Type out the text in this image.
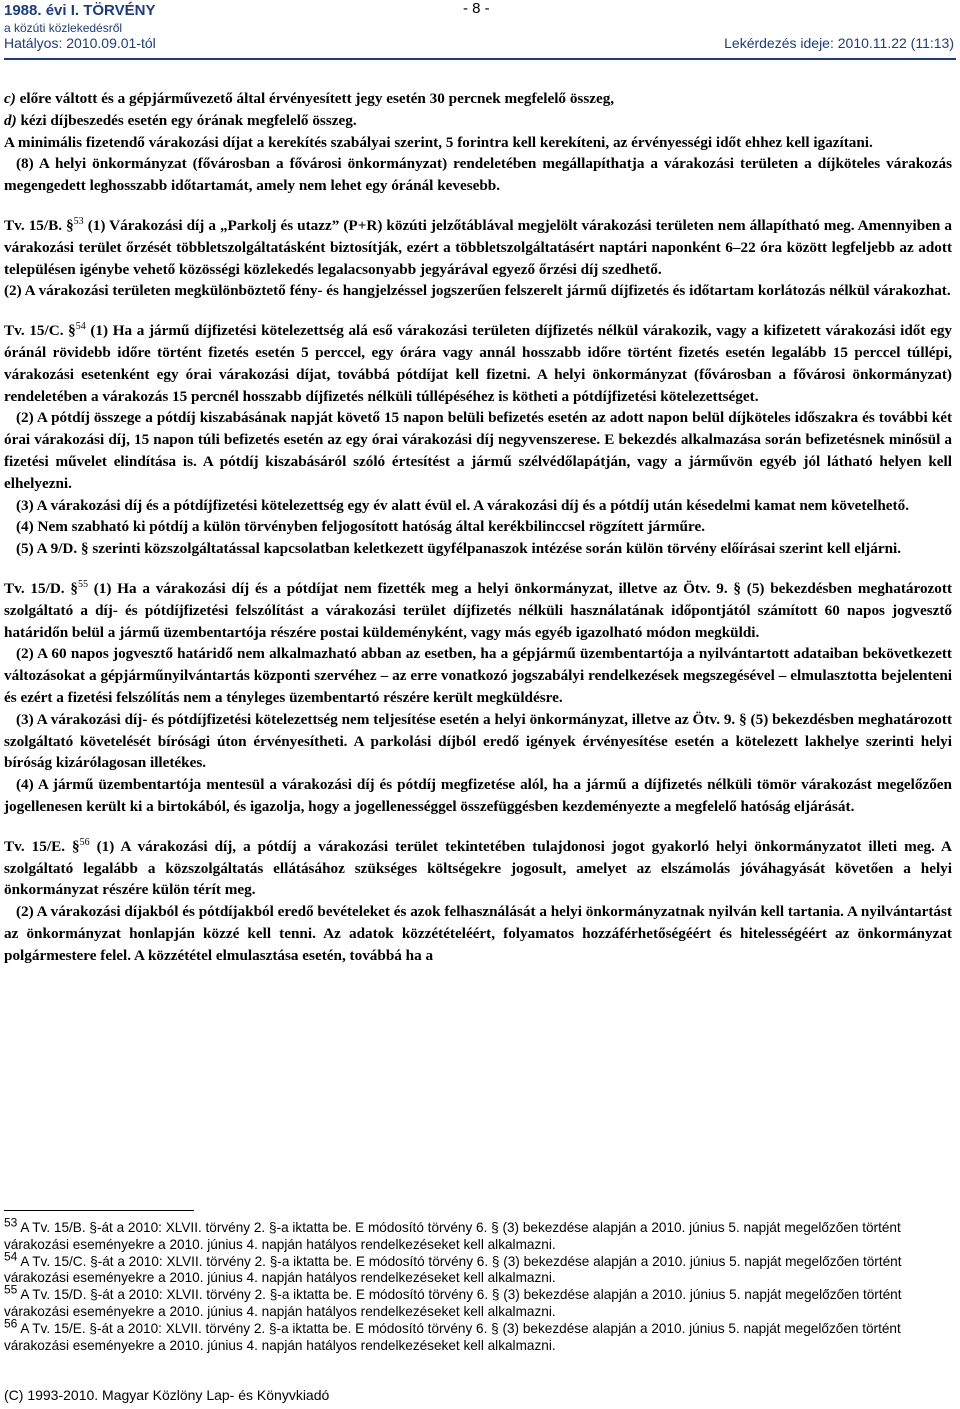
1988. évi I. TÖRVÉNY
a közúti közlekedésről
Hatályos: 2010.09.01-tól
- 8 -
Lekérdezés ideje: 2010.11.22 (11:13)

c) előre váltott és a gépjárművezető által érvényesített jegy esetén 30 percnek megfelelő összeg,

d) kézi díjbeszedés esetén egy órának megfelelő összeg.

A minimális fizetendő várakozási díjat a kerekítés szabályai szerint, 5 forintra kell kerekíteni, az érvényességi időt ehhez kell igazítani.

(8) A helyi önkormányzat (fővárosban a fővárosi önkormányzat) rendeletében megállapíthatja a várakozási területen a díjköteles várakozás megengedett leghosszabb időtartamát, amely nem lehet egy óránál kevesebb.

Tv. 15/B. §$^{53}$ (1) Várakozási díj a „Parkolj és utazz” (P+R) közúti jelzőtáblával megjelölt várakozási területen nem állapítható meg. Amennyiben a várakozási terület őrzését többletszolgáltatásként biztosítják, ezért a többletszolgáltatásért naptári naponként 6–22 óra között legfeljebb az adott településen igénybe vehető közösségi közlekedés legalacsonyabb jegyárával egyező őrzési díj szedhető.

(2) A várakozási területen megkülönböztető fény- és hangjelzéssel jogszerűen felszerelt jármű díjfizetés és időtartam korlátozás nélkül várakozhat.

Tv. 15/C. §$^{54}$ (1) Ha a jármű díjfizetési kötelezettség alá eső várakozási területen díjfizetés nélkül várakozik, vagy a kifizetett várakozási időt egy óránál rövidebb időre történt fizetés esetén 5 perccel, egy órára vagy annál hosszabb időre történt fizetés esetén legalább 15 perccel túllépi, várakozási esetenként egy órai várakozási díjat, továbbá pótdíjat kell fizetni. A helyi önkormányzat (fővárosban a fővárosi önkormányzat) rendeletében a várakozás 15 percnél hosszabb díjfizetés nélküli túllépéséhez is kötheti a pótdíjfizetési kötelezettséget.

(2) A pótdíj összege a pótdíj kiszabásának napját követő 15 napon belüli befizetés esetén az adott napon belül díjköteles időszakra és további két órai várakozási díj, 15 napon túli befizetés esetén az egy órai várakozási díj negyvenszerese. E bekezdés alkalmazása során befizetésnek minősül a fizetési művelet elindítása is. A pótdíj kiszabásáról szóló értesítést a jármű szélvédőlapátján, vagy a járművön egyéb jól látható helyen kell elhelyezni.

(3) A várakozási díj és a pótdíjfizetési kötelezettség egy év alatt évül el. A várakozási díj és a pótdíj után késedelmi kamat nem követelhető.

(4) Nem szabható ki pótdíj a külön törvényben feljogosított hatóság által kerékbilinccsel rögzített járműre.

(5) A 9/D. § szerinti közszolgáltatással kapcsolatban keletkezett ügyfélpanaszok intézése során külön törvény előírásai szerint kell eljárni.

Tv. 15/D. §$^{55}$ (1) Ha a várakozási díj és a pótdíjat nem fizették meg a helyi önkormányzat, illetve az Ötv. 9. § (5) bekezdésben meghatározott szolgáltató a díj- és pótdíjfizetési felszólítást a várakozási terület díjfizetés nélküli használatának időpontjától számított 60 napos jogvesztő határidőn belül a jármű üzembentartója részére postai küldeményként, vagy más egyéb igazolható módon megküldi.

(2) A 60 napos jogvesztő határidő nem alkalmazható abban az esetben, ha a gépjármű üzembentartója a nyilvántartott adataiban bekövetkezett változásokat a gépjárműnyilvántartás központi szervéhez – az erre vonatkozó jogszabályi rendelkezések megszegésével – elmulasztotta bejelenteni és ezért a fizetési felszólítás nem a tényleges üzembentartó részére került megküldésre.

(3) A várakozási díj- és pótdíjfizetési kötelezettség nem teljesítése esetén a helyi önkormányzat, illetve az Ötv. 9. § (5) bekezdésben meghatározott szolgáltató követelését bírósági úton érvényesítheti. A parkolási díjból eredő igények érvényesítése esetén a kötelezett lakhelye szerinti helyi bíróság kizárólagosan illetékes.

(4) A jármű üzembentartója mentesül a várakozási díj és pótdíj megfizetése alól, ha a jármű a díjfizetés nélküli tömör várakozást megelőzően jogellenesen került ki a birtokából, és igazolja, hogy a jogellenességgel összefüggésben kezdeményezte a megfelelő hatóság eljárását.

Tv. 15/E. §$^{56}$ (1) A várakozási díj, a pótdíj a várakozási terület tekintetében tulajdonosi jogot gyakorló helyi önkormányzatot illeti meg. A szolgáltató legalább a közszolgáltatás ellátásához szükséges költségekre jogosult, amelyet az elszámolás jóváhagyását követően a helyi önkormányzat részére külön térít meg.

(2) A várakozási díjakból és pótdíjakból eredő bevételeket és azok felhasználását a helyi önkormányzatnak nyilván kell tartania. A nyilvántartást az önkormányzat honlapján közzé kell tenni. Az adatok közzétételéért, folyamatos hozzáférhetőségéért és hitelességéért az önkormányzat polgármestere felel. A közzététel elmulasztása esetén, továbbá ha a

53 A Tv. 15/B. §-át a 2010: XLVII. törvény 2. §-a iktatta be. E módosító törvény 6. § (3) bekezdése alapján a 2010. június 5. napját megelőzően történt várakozási eseményekre a 2010. június 4. napján hatályos rendelkezéseket kell alkalmazni.

54 A Tv. 15/C. §-át a 2010: XLVII. törvény 2. §-a iktatta be. E módosító törvény 6. § (3) bekezdése alapján a 2010. június 5. napját megelőzően történt várakozási eseményekre a 2010. június 4. napján hatályos rendelkezéseket kell alkalmazni.

55 A Tv. 15/D. §-át a 2010: XLVII. törvény 2. §-a iktatta be. E módosító törvény 6. § (3) bekezdése alapján a 2010. június 5. napját megelőzően történt várakozási eseményekre a 2010. június 4. napján hatályos rendelkezéseket kell alkalmazni.

56 A Tv. 15/E. §-át a 2010: XLVII. törvény 2. §-a iktatta be. E módosító törvény 6. § (3) bekezdése alapján a 2010. június 5. napját megelőzően történt várakozási eseményekre a 2010. június 4. napján hatályos rendelkezéseket kell alkalmazni.

(C) 1993-2010. Magyar Közlöny Lap- és Könyvkiadó
